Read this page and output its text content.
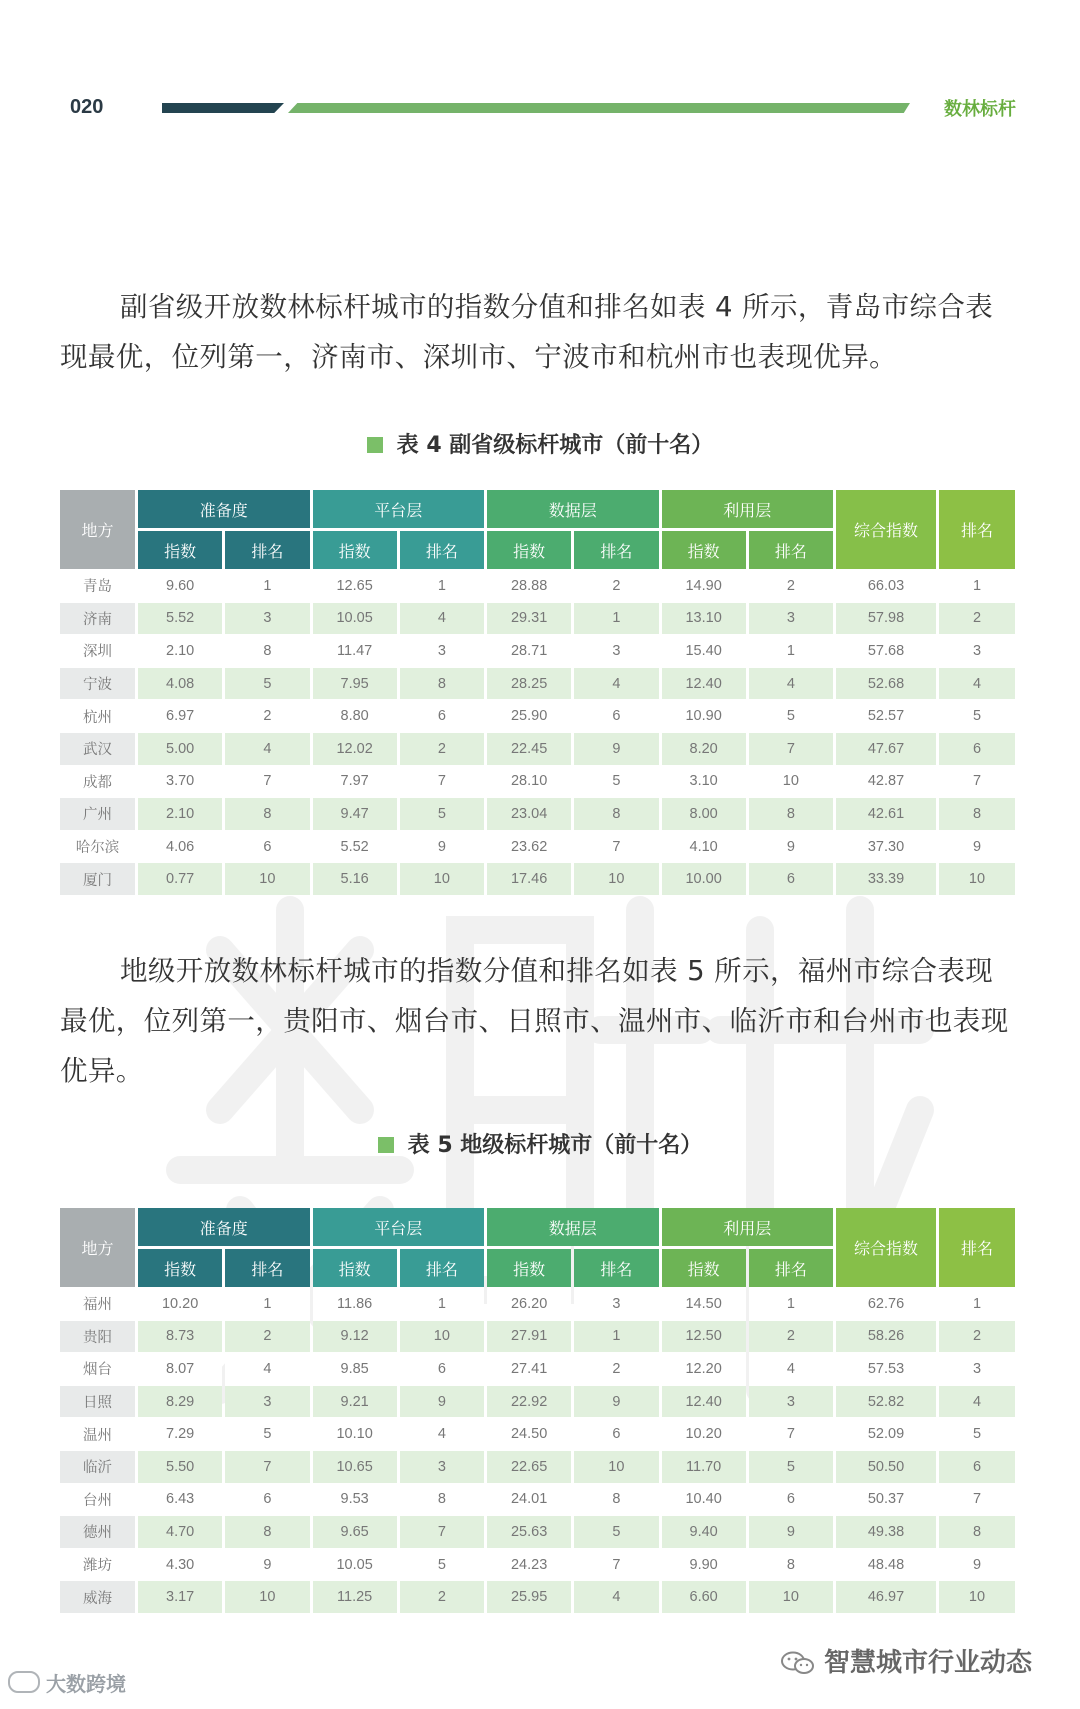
020	数林标杆

副省级开放数林标杆城市的指数分值和排名如表 4 所示，青岛市综合表现最优，位列第一，济南市、深圳市、宁波市和杭州市也表现优异。

表 4 副省级标杆城市（前十名）
地方	准备度		平台层		数据层		利用层		综合指数	排名
	指数	排名	指数	排名	指数	排名	指数	排名		
青岛	9.60	1	12.65	1	28.88	2	14.90	2	66.03	1
济南	5.52	3	10.05	4	29.31	1	13.10	3	57.98	2
深圳	2.10	8	11.47	3	28.71	3	15.40	1	57.68	3
宁波	4.08	5	7.95	8	28.25	4	12.40	4	52.68	4
杭州	6.97	2	8.80	6	25.90	6	10.90	5	52.57	5
武汉	5.00	4	12.02	2	22.45	9	8.20	7	47.67	6
成都	3.70	7	7.97	7	28.10	5	3.10	10	42.87	7
广州	2.10	8	9.47	5	23.04	8	8.00	8	42.61	8
哈尔滨	4.06	6	5.52	9	23.62	7	4.10	9	37.30	9
厦门	0.77	10	5.16	10	17.46	10	10.00	6	33.39	10

地级开放数林标杆城市的指数分值和排名如表 5 所示，福州市综合表现最优，位列第一，贵阳市、烟台市、日照市、温州市、临沂市和台州市也表现优异。

表 5 地级标杆城市（前十名）
地方	准备度		平台层		数据层		利用层		综合指数	排名
	指数	排名	指数	排名	指数	排名	指数	排名		
福州	10.20	1	11.86	1	26.20	3	14.50	1	62.76	1
贵阳	8.73	2	9.12	10	27.91	1	12.50	2	58.26	2
烟台	8.07	4	9.85	6	27.41	2	12.20	4	57.53	3
日照	8.29	3	9.21	9	22.92	9	12.40	3	52.82	4
温州	7.29	5	10.10	4	24.50	6	10.20	7	52.09	5
临沂	5.50	7	10.65	3	22.65	10	11.70	5	50.50	6
台州	6.43	6	9.53	8	24.01	8	10.40	6	50.37	7
德州	4.70	8	9.65	7	25.63	5	9.40	9	49.38	8
潍坊	4.30	9	10.05	5	24.23	7	9.90	8	48.48	9
威海	3.17	10	11.25	2	25.95	4	6.60	10	46.97	10
大数跨境
智慧城市行业动态
